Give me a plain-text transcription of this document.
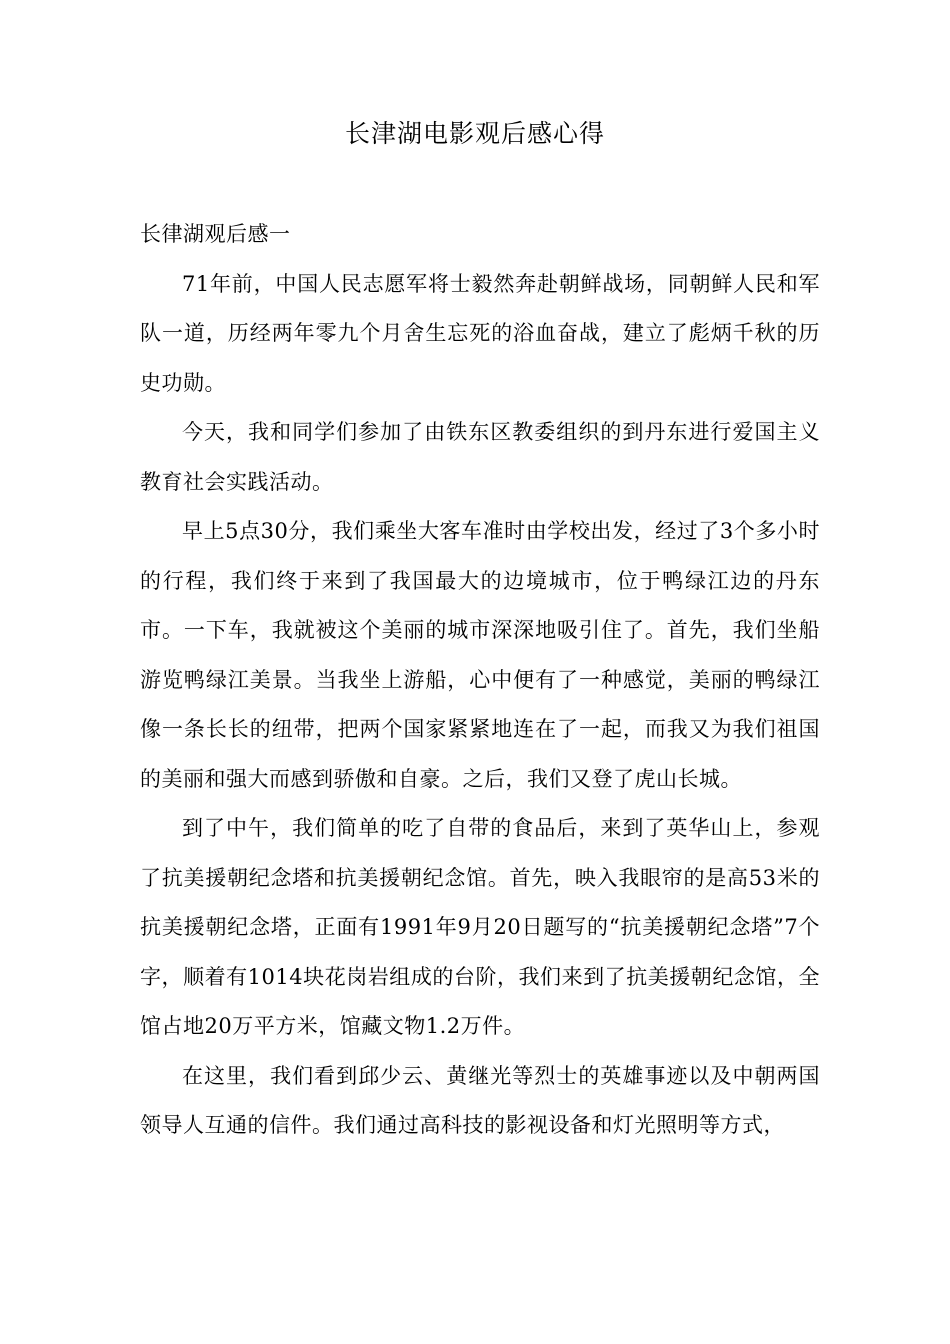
长津湖电影观后感心得

长律湖观后感一

71年前，中国人民志愿军将士毅然奔赴朝鲜战场，同朝鲜人民和军队一道，历经两年零九个月舍生忘死的浴血奋战，建立了彪炳千秋的历史功勋。

今天，我和同学们参加了由铁东区教委组织的到丹东进行爱国主义教育社会实践活动。

早上5点30分，我们乘坐大客车准时由学校出发，经过了3个多小时的行程，我们终于来到了我国最大的边境城市，位于鸭绿江边的丹东市。一下车，我就被这个美丽的城市深深地吸引住了。首先，我们坐船游览鸭绿江美景。当我坐上游船，心中便有了一种感觉，美丽的鸭绿江像一条长长的纽带，把两个国家紧紧地连在了一起，而我又为我们祖国的美丽和强大而感到骄傲和自豪。之后，我们又登了虎山长城。

到了中午，我们简单的吃了自带的食品后，来到了英华山上，参观了抗美援朝纪念塔和抗美援朝纪念馆。首先，映入我眼帘的是高53米的抗美援朝纪念塔，正面有1991年9月20日题写的“抗美援朝纪念塔”7个字，顺着有1014块花岗岩组成的台阶，我们来到了抗美援朝纪念馆，全馆占地20万平方米，馆藏文物1.2万件。

在这里，我们看到邱少云、黄继光等烈士的英雄事迹以及中朝两国领导人互通的信件。我们通过高科技的影视设备和灯光照明等方式，
